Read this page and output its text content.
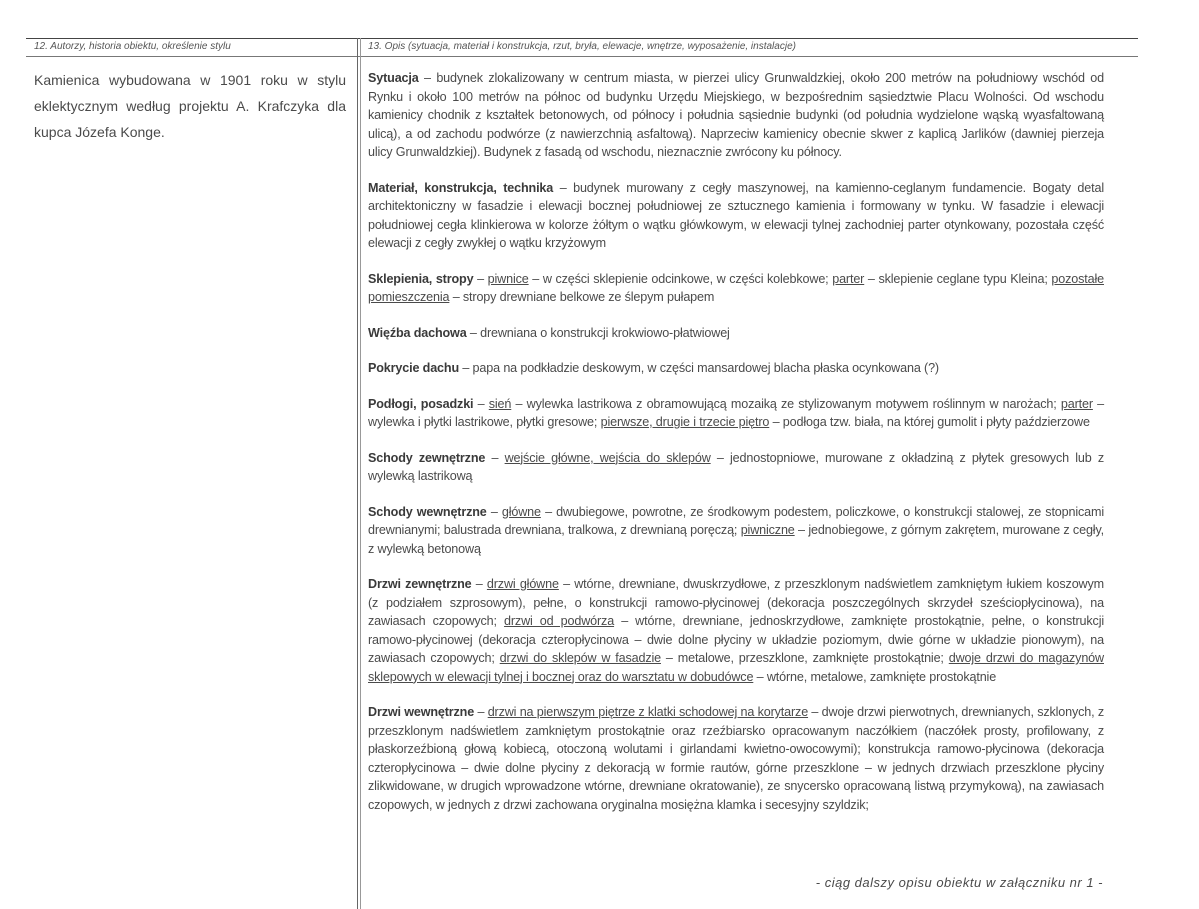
12. Autorzy, historia obiektu, określenie stylu	13. Opis (sytuacja, materiał i konstrukcja, rzut, bryła, elewacje, wnętrze, wyposażenie, instalacje)
Kamienica wybudowana w 1901 roku w stylu eklektycznym według projektu A. Krafczyka dla kupca Józefa Konge.

Sytuacja – budynek zlokalizowany w centrum miasta, w pierzei ulicy Grunwaldzkiej, około 200 metrów na południowy wschód od Rynku i około 100 metrów na północ od budynku Urzędu Miejskiego, w bezpośrednim sąsiedztwie Placu Wolności. Od wschodu kamienicy chodnik z kształtek betonowych, od północy i południa sąsiednie budynki (od południa wydzielone wąską wyasfaltowaną ulicą), a od zachodu podwórze (z nawierzchnią asfaltową). Naprzeciw kamienicy obecnie skwer z kaplicą Jarlików (dawniej pierzeja ulicy Grunwaldzkiej). Budynek z fasadą od wschodu, nieznacznie zwrócony ku północy.

Materiał, konstrukcja, technika – budynek murowany z cegły maszynowej, na kamienno-ceglanym fundamencie. Bogaty detal architektoniczny w fasadzie i elewacji bocznej południowej ze sztucznego kamienia i formowany w tynku. W fasadzie i elewacji południowej cegła klinkierowa w kolorze żółtym o wątku główkowym, w elewacji tylnej zachodniej parter otynkowany, pozostała część elewacji z cegły zwykłej o wątku krzyżowym

Sklepienia, stropy – piwnice – w części sklepienie odcinkowe, w części kolebkowe; parter – sklepienie ceglane typu Kleina; pozostałe pomieszczenia – stropy drewniane belkowe ze ślepym pułapem

Więźba dachowa – drewniana o konstrukcji krokwiowo-płatwiowej

Pokrycie dachu – papa na podkładzie deskowym, w części mansardowej blacha płaska ocynkowana (?)

Podłogi, posadzki – sień – wylewka lastrikowa z obramowującą mozaiką ze stylizowanym motywem roślinnym w narożach; parter – wylewka i płytki lastrikowe, płytki gresowe; pierwsze, drugie i trzecie piętro – podłoga tzw. biała, na której gumolit i płyty paździerzowe

Schody zewnętrzne – wejście główne, wejścia do sklepów – jednostopniowe, murowane z okładziną z płytek gresowych lub z wylewką lastrikową

Schody wewnętrzne – główne – dwubiegowe, powrotne, ze środkowym podestem, policzkowe, o konstrukcji stalowej, ze stopnicami drewnianymi; balustrada drewniana, tralkowa, z drewnianą poręczą; piwniczne – jednobiegowe, z górnym zakrętem, murowane z cegły, z wylewką betonową

Drzwi zewnętrzne – drzwi główne – wtórne, drewniane, dwuskrzydłowe, z przeszklonym nadświetlem zamkniętym łukiem koszowym (z podziałem szprosowym), pełne, o konstrukcji ramowo-płycinowej (dekoracja poszczególnych skrzydeł sześciopłycinowa), na zawiasach czopowych; drzwi od podwórza – wtórne, drewniane, jednoskrzydłowe, zamknięte prostokątnie, pełne, o konstrukcji ramowo-płycinowej (dekoracja czteropłycinowa – dwie dolne płyciny w układzie poziomym, dwie górne w układzie pionowym), na zawiasach czopowych; drzwi do sklepów w fasadzie – metalowe, przeszklone, zamknięte prostokątnie; dwoje drzwi do magazynów sklepowych w elewacji tylnej i bocznej oraz do warsztatu w dobudówce – wtórne, metalowe, zamknięte prostokątnie

Drzwi wewnętrzne – drzwi na pierwszym piętrze z klatki schodowej na korytarze – dwoje drzwi pierwotnych, drewnianych, szklonych, z przeszklonym nadświetlem zamkniętym prostokątnie oraz rzeźbiarsko opracowanym naczółkiem (naczółek prosty, profilowany, z płaskorzeźbioną głową kobiecą, otoczoną wolutami i girlandami kwietno-owocowymi); konstrukcja ramowo-płycinowa (dekoracja czteropłycinowa – dwie dolne płyciny z dekoracją w formie rautów, górne przeszklone – w jednych drzwiach przeszklone płyciny zlikwidowane, w drugich wprowadzone wtórne, drewniane okratowanie), ze snycersko opracowaną listwą przymykową), na zawiasach czopowych, w jednych z drzwi zachowana oryginalna mosiężna klamka i secesyjny szyldzik;

- ciąg dalszy opisu obiektu w załączniku nr 1 -
